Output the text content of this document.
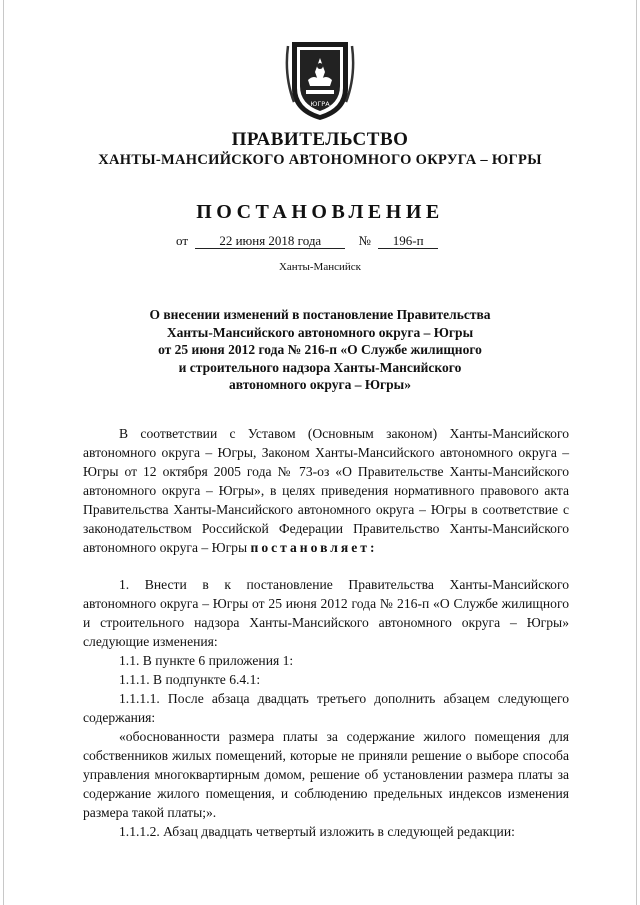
ЮГРА
ПРАВИТЕЛЬСТВО
ХАНТЫ-МАНСИЙСКОГО АВТОНОМНОГО ОКРУГА – ЮГРЫ
ПОСТАНОВЛЕНИЕ
от 22 июня 2018 года	№ 196-п
Ханты-Мансийск
О внесении изменений в постановление Правительства
Ханты-Мансийского автономного округа – Югры
от 25 июня 2012 года № 216-п «О Службе жилищного
и строительного надзора Ханты-Мансийского
автономного округа – Югры»

В соответствии с Уставом (Основным законом) Ханты-Мансийского автономного округа – Югры, Законом Ханты-Мансийского автономного округа – Югры от 12 октября 2005 года № 73-оз «О Правительстве Ханты-Мансийского автономного округа – Югры», в целях приведения нормативного правового акта Правительства Ханты-Мансийского автономного округа – Югры в соответствие с законодательством Российской Федерации Правительство Ханты-Мансийского автономного округа – Югры постановляет:

1. Внести в к постановление Правительства Ханты-Мансийского автономного округа – Югры от 25 июня 2012 года № 216-п «О Службе жилищного и строительного надзора Ханты-Мансийского автономного округа – Югры» следующие изменения:

1.1. В пункте 6 приложения 1:

1.1.1. В подпункте 6.4.1:

1.1.1.1. После абзаца двадцать третьего дополнить абзацем следующего содержания:

«обоснованности размера платы за содержание жилого помещения для собственников жилых помещений, которые не приняли решение о выборе способа управления многоквартирным домом, решение об установлении размера платы за содержание жилого помещения, и соблюдению предельных индексов изменения размера такой платы;».

1.1.1.2. Абзац двадцать четвертый изложить в следующей редакции:
